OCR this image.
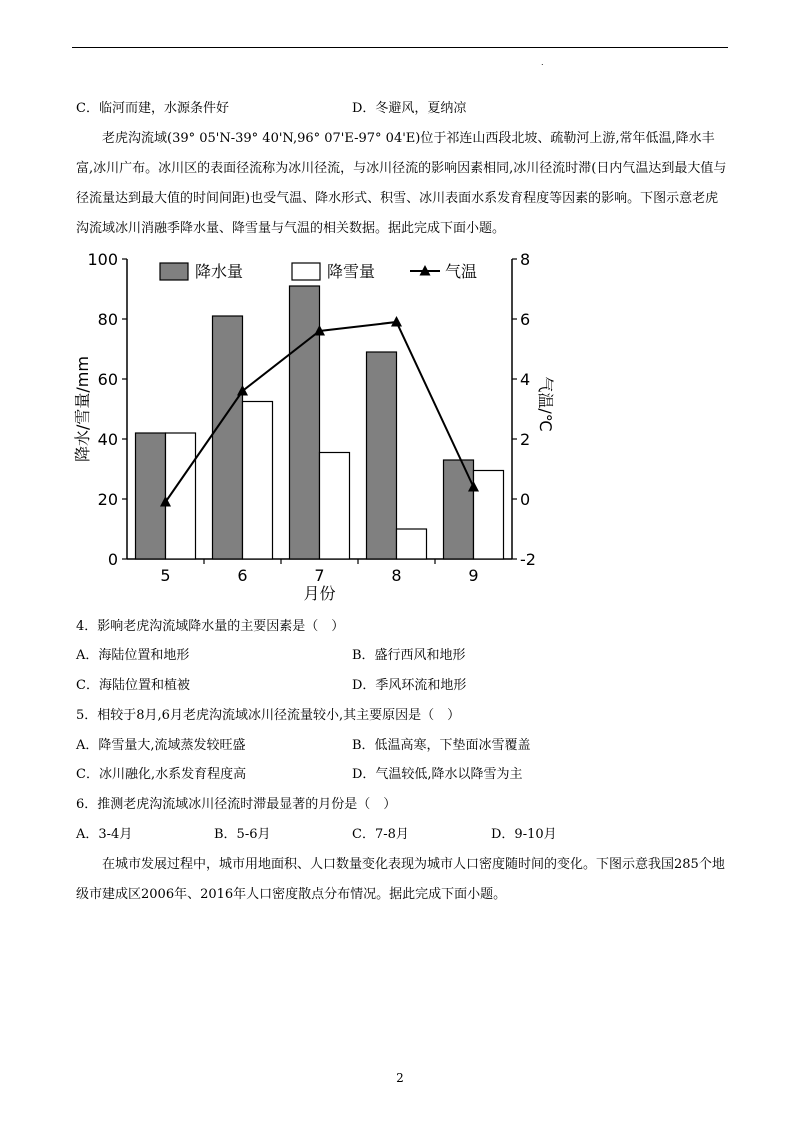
.
C．临河而建，水源条件好	D．冬避风，夏纳凉

老虎沟流域(39° 05'N-39° 40'N,96° 07'E-97° 04'E)位于祁连山西段北坡、疏勒河上游,常年低温,降水丰富,冰川广布。冰川区的表面径流称为冰川径流，与冰川径流的影响因素相同,冰川径流时滞(日内气温达到最大值与径流量达到最大值的时间间距)也受气温、降水形式、积雪、冰川表面水系发育程度等因素的影响。下图示意老虎沟流域冰川消融季降水量、降雪量与气温的相关数据。据此完成下面小题。

0
20
40
60
80
100
-2
0
2
4
6
8
5	6	7	8	9
月份
降水/雪量/mm	气温/℃
降水量	降雪量	气温
4．影响老虎沟流域降水量的主要因素是（　）
A．海陆位置和地形	B．盛行西风和地形
C．海陆位置和植被	D．季风环流和地形
5．相较于8月,6月老虎沟流域冰川径流量较小,其主要原因是（　）
A．降雪量大,流域蒸发较旺盛	B．低温高寒，下垫面冰雪覆盖
C．冰川融化,水系发育程度高	D．气温较低,降水以降雪为主
6．推测老虎沟流域冰川径流时滞最显著的月份是（　）
A．3-4月	B．5-6月	C．7-8月	D．9-10月

在城市发展过程中，城市用地面积、人口数量变化表现为城市人口密度随时间的变化。下图示意我国285个地级市建成区2006年、2016年人口密度散点分布情况。据此完成下面小题。

2
